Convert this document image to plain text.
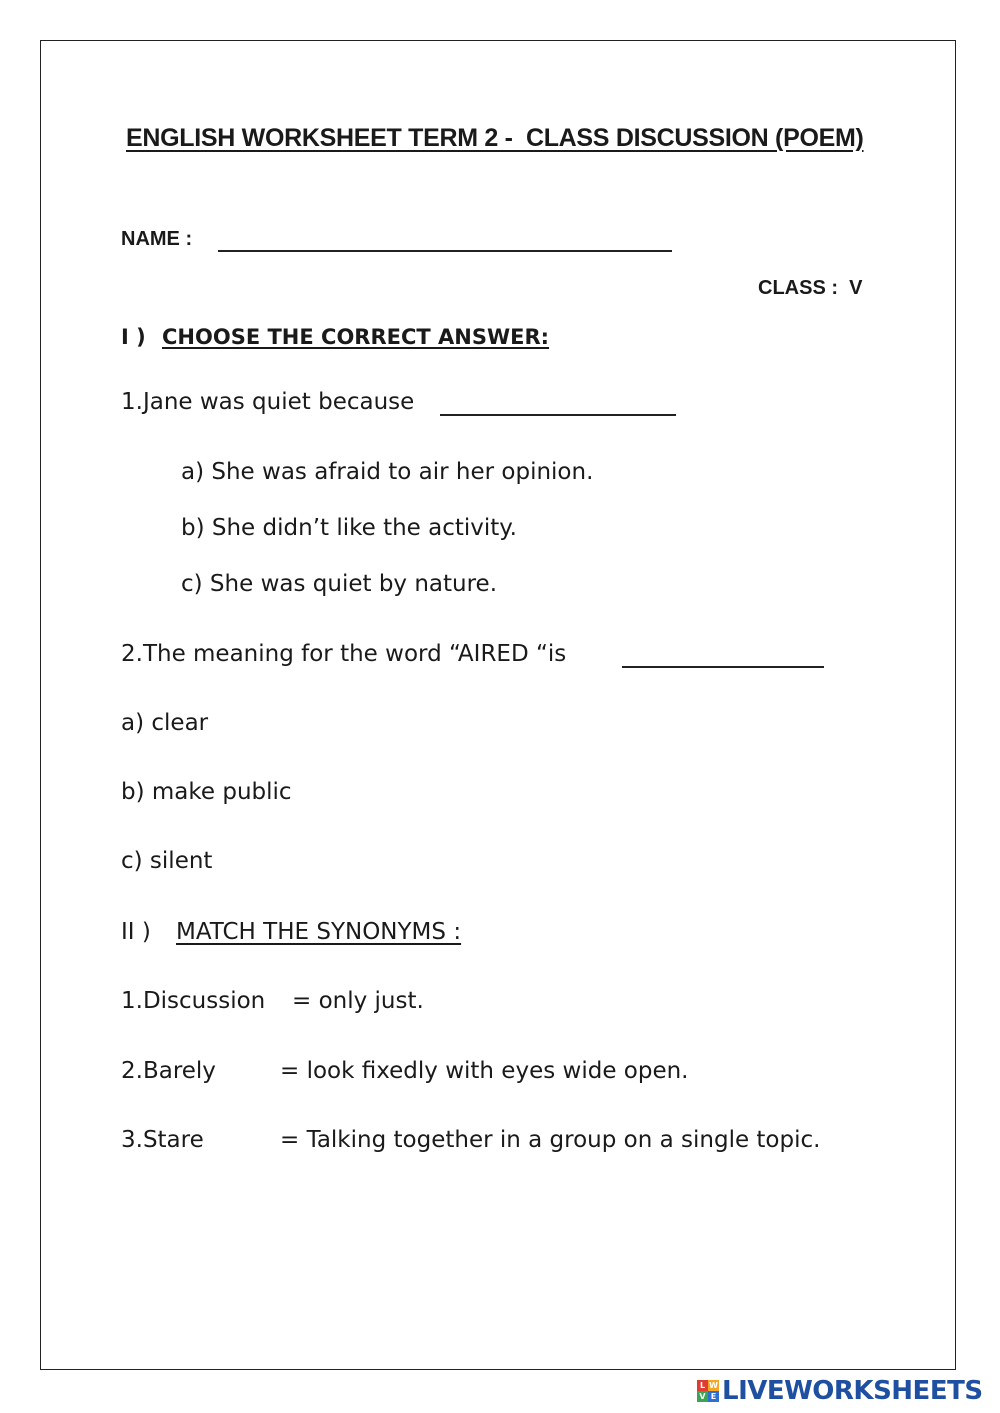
ENGLISH WORKSHEET TERM 2 -  CLASS DISCUSSION (POEM)
NAME :
CLASS :  V
I ) CHOOSE THE CORRECT ANSWER:
1.Jane was quiet because
a) She was afraid to air her opinion.
b) She didn’t like the activity.
c) She was quiet by nature.
2.The meaning for the word “AIRED “is
a) clear
b) make public
c) silent
II ) MATCH THE SYNONYMS :
1.Discussion = only just.
2.Barely	= look fixedly with eyes wide open.
3.Stare	= Talking together in a group on a single topic.
L W
V E LIVEWORKSHEETS
